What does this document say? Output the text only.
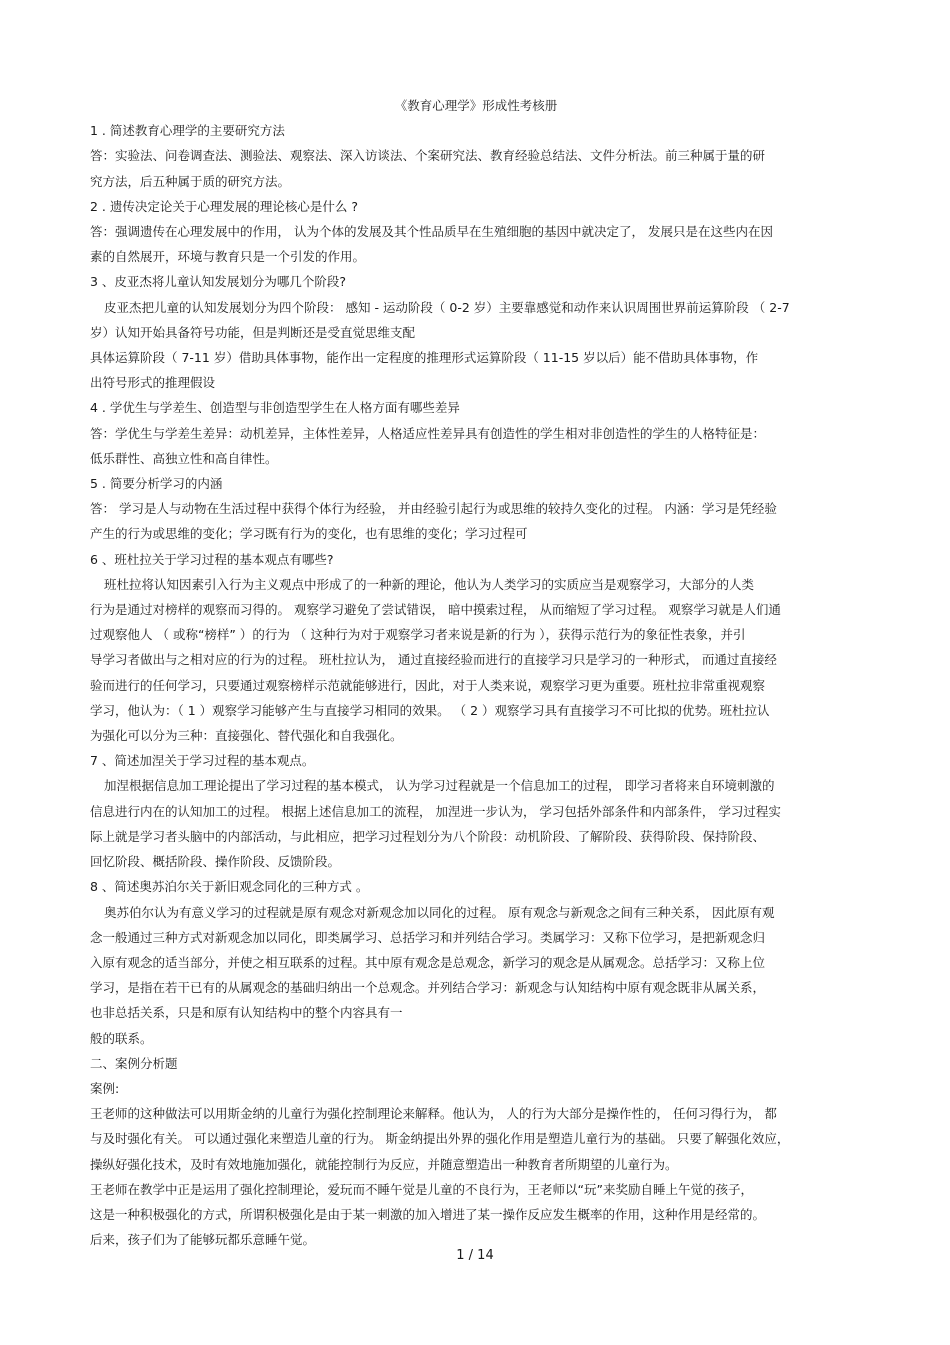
《教育心理学》形成性考核册
1 . 简述教育心理学的主要研究方法
答：实验法、问卷调查法、测验法、观察法、深入访谈法、个案研究法、教育经验总结法、文件分析法。前三种属于量的研
究方法，后五种属于质的研究方法。
2 . 遗传决定论关于心理发展的理论核心是什么 ?
答：强调遗传在心理发展中的作用， 认为个体的发展及其个性品质早在生殖细胞的基因中就决定了， 发展只是在这些内在因
素的自然展开，环境与教育只是一个引发的作用。
3 、皮亚杰将儿童认知发展划分为哪几个阶段?
皮亚杰把儿童的认知发展划分为四个阶段： 感知 - 运动阶段（ 0-2 岁）主要靠感觉和动作来认识周围世界前运算阶段 （ 2-7
岁）认知开始具备符号功能，但是判断还是受直觉思维支配
具体运算阶段（ 7-11 岁）借助具体事物，能作出一定程度的推理形式运算阶段（ 11-15 岁以后）能不借助具体事物，作
出符号形式的推理假设
4 . 学优生与学差生、创造型与非创造型学生在人格方面有哪些差异
答：学优生与学差生差异：动机差异，主体性差异，人格适应性差异具有创造性的学生相对非创造性的学生的人格特征是：
低乐群性、高独立性和高自律性。
5 . 简要分析学习的内涵
答： 学习是人与动物在生活过程中获得个体行为经验， 并由经验引起行为或思维的较持久变化的过程。 内涵：学习是凭经验
产生的行为或思维的变化；学习既有行为的变化，也有思维的变化；学习过程可
6 、班杜拉关于学习过程的基本观点有哪些?
班杜拉将认知因素引入行为主义观点中形成了的一种新的理论，他认为人类学习的实质应当是观察学习，大部分的人类
行为是通过对榜样的观察而习得的。 观察学习避免了尝试错误， 暗中摸索过程， 从而缩短了学习过程。 观察学习就是人们通
过观察他人 （ 或称“榜样” ）的行为 （ 这种行为对于观察学习者来说是新的行为 ），获得示范行为的象征性表象，并引
导学习者做出与之相对应的行为的过程。 班杜拉认为， 通过直接经验而进行的直接学习只是学习的一种形式， 而通过直接经
验而进行的任何学习，只要通过观察榜样示范就能够进行，因此，对于人类来说，观察学习更为重要。班杜拉非常重视观察
学习，他认为：（ 1 ）观察学习能够产生与直接学习相同的效果。 （ 2 ）观察学习具有直接学习不可比拟的优势。班杜拉认
为强化可以分为三种：直接强化、替代强化和自我强化。
7 、简述加涅关于学习过程的基本观点。
加涅根据信息加工理论提出了学习过程的基本模式， 认为学习过程就是一个信息加工的过程， 即学习者将来自环境刺激的
信息进行内在的认知加工的过程。 根据上述信息加工的流程， 加涅进一步认为， 学习包括外部条件和内部条件， 学习过程实
际上就是学习者头脑中的内部活动，与此相应，把学习过程划分为八个阶段：动机阶段、了解阶段、获得阶段、保持阶段、
回忆阶段、概括阶段、操作阶段、反馈阶段。
8 、简述奥苏泊尔关于新旧观念同化的三种方式 。
奥苏伯尔认为有意义学习的过程就是原有观念对新观念加以同化的过程。 原有观念与新观念之间有三种关系， 因此原有观
念一般通过三种方式对新观念加以同化，即类属学习、总括学习和并列结合学习。类属学习：又称下位学习，是把新观念归
入原有观念的适当部分，并使之相互联系的过程。其中原有观念是总观念，新学习的观念是从属观念。总括学习：又称上位
学习，是指在若干已有的从属观念的基础归纳出一个总观念。并列结合学习：新观念与认知结构中原有观念既非从属关系，
也非总括关系，只是和原有认知结构中的整个内容具有一
般的联系。
二、案例分析题
案例:
王老师的这种做法可以用斯金纳的儿童行为强化控制理论来解释。他认为， 人的行为大部分是操作性的， 任何习得行为， 都
与及时强化有关。 可以通过强化来塑造儿童的行为。 斯金纳提出外界的强化作用是塑造儿童行为的基础。 只要了解强化效应，
操纵好强化技术，及时有效地施加强化，就能控制行为反应，并随意塑造出一种教育者所期望的儿童行为。
王老师在教学中正是运用了强化控制理论，爱玩而不睡午觉是儿童的不良行为，王老师以“玩”来奖励自睡上午觉的孩子，
这是一种积极强化的方式，所谓积极强化是由于某一刺激的加入增进了某一操作反应发生概率的作用，这种作用是经常的。
后来，孩子们为了能够玩都乐意睡午觉。
1 / 14
